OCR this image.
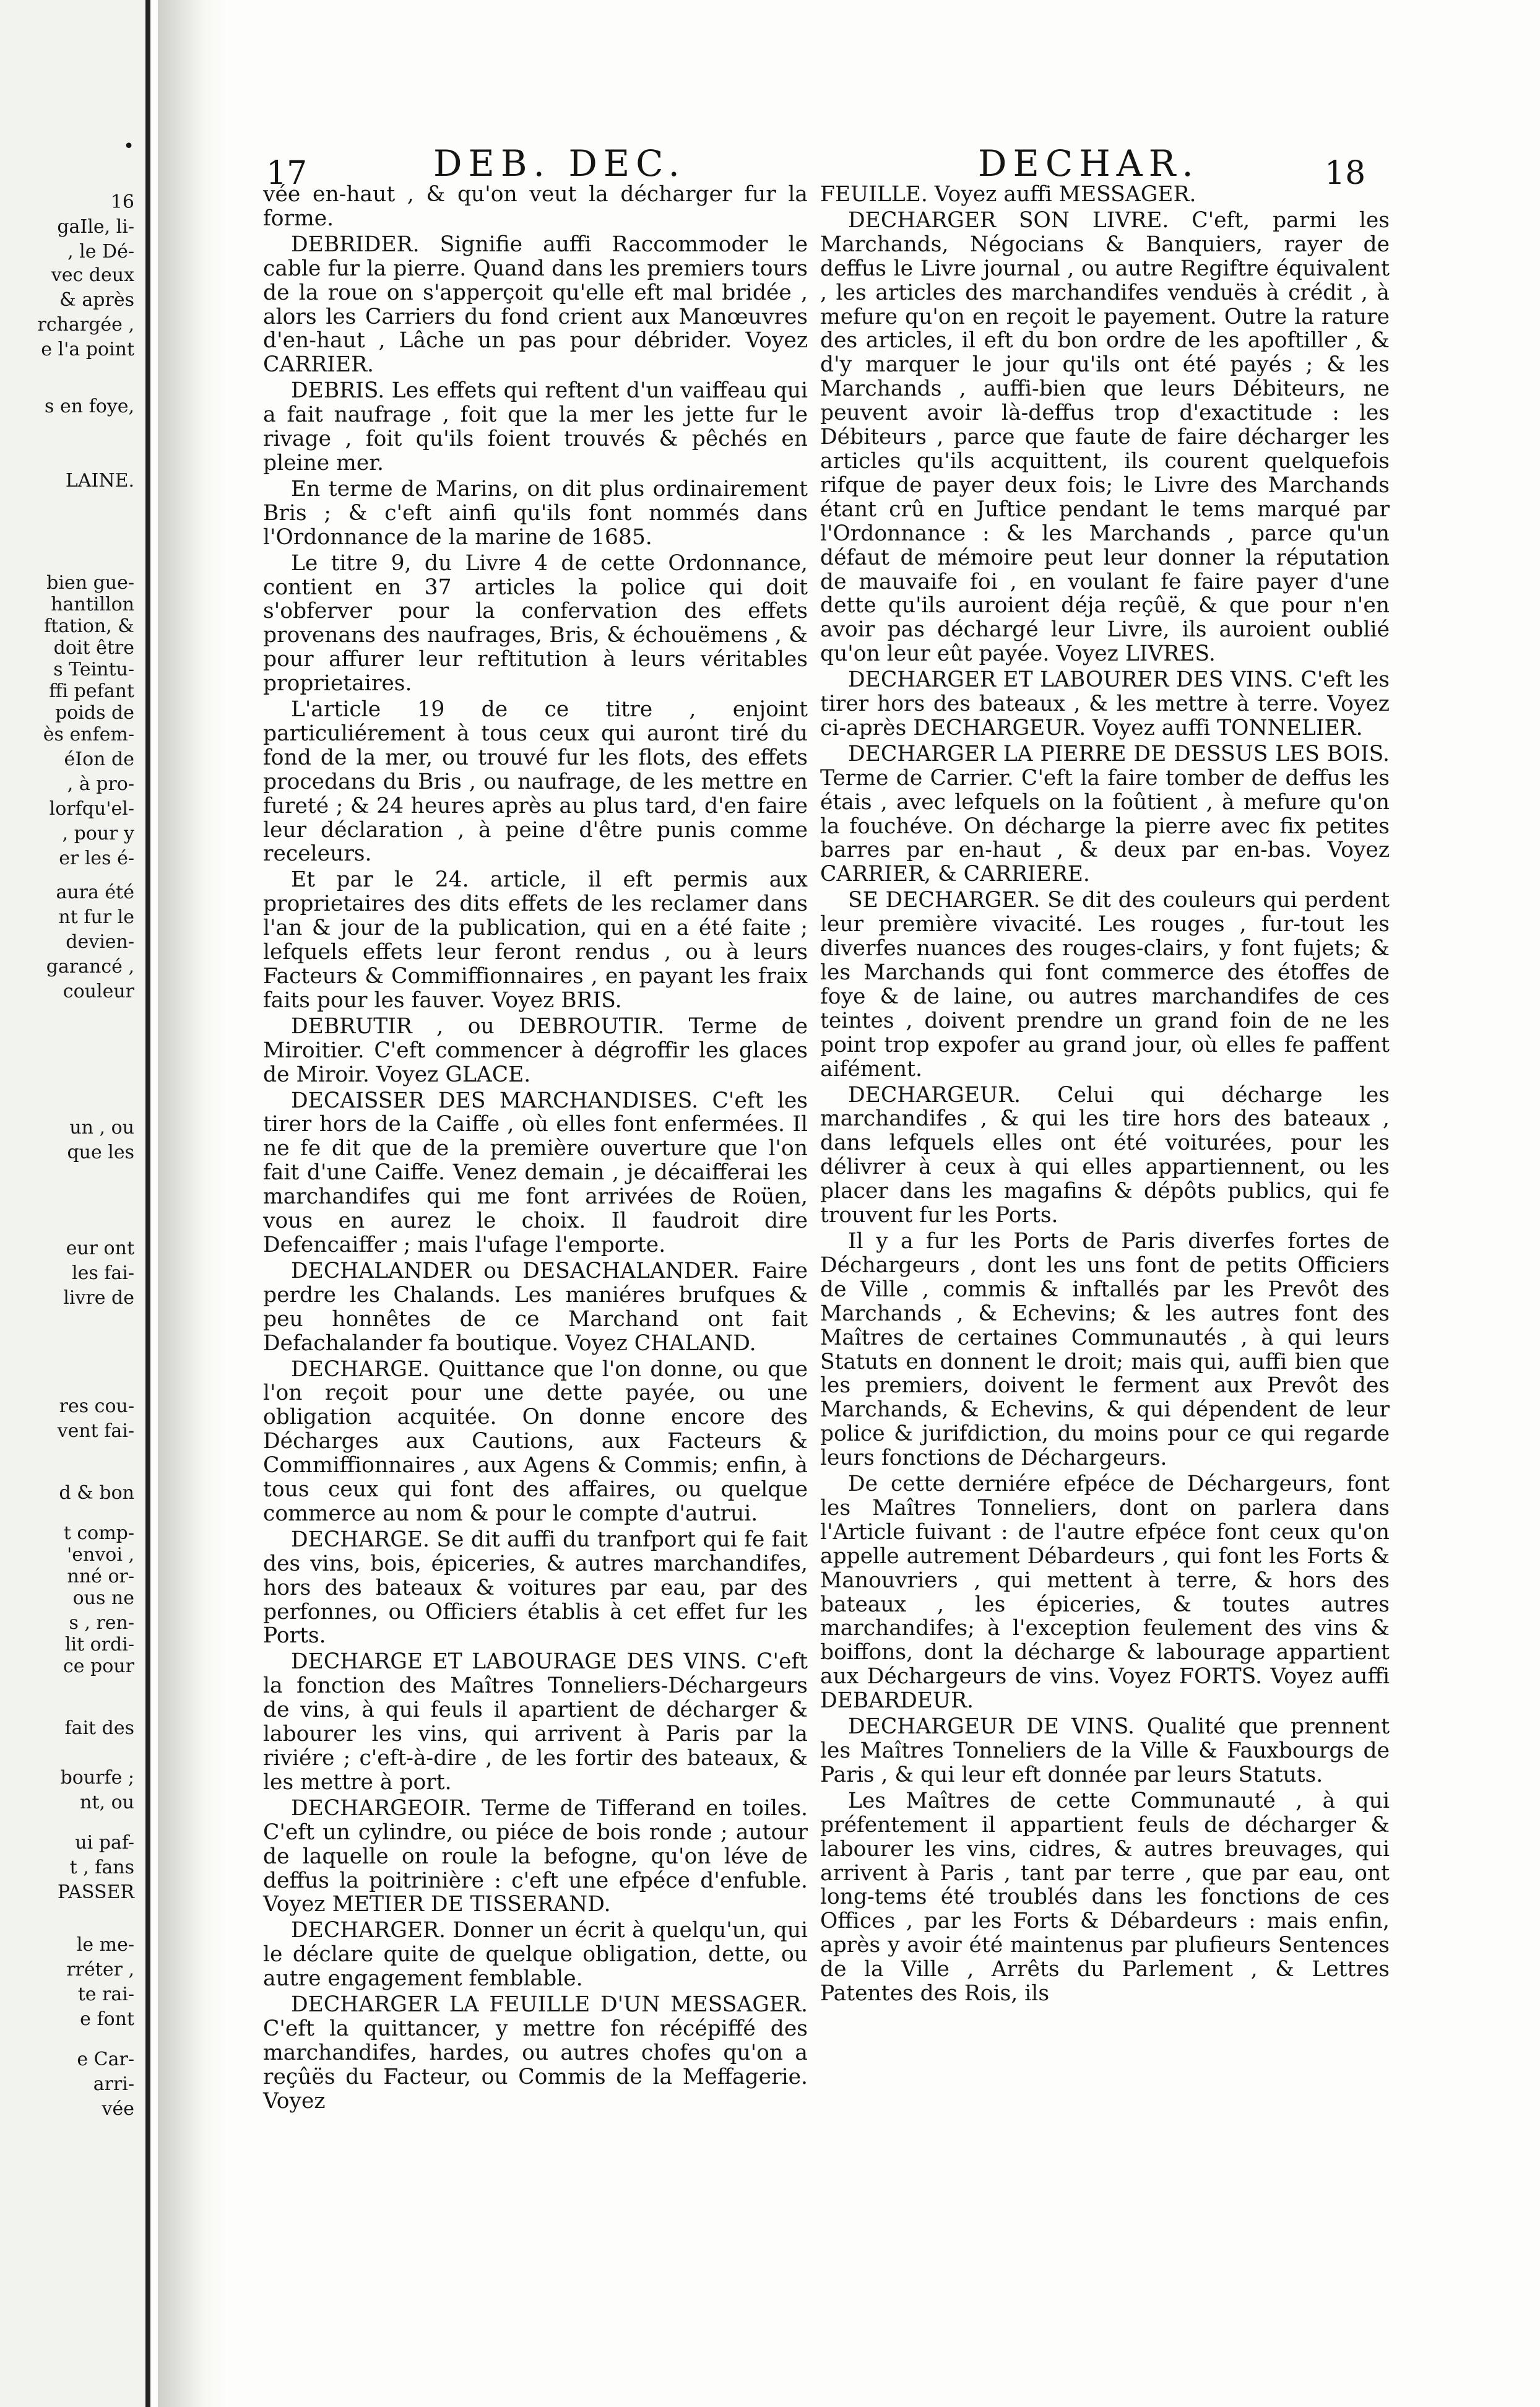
•
16
gaIle, li-
, le Dé-
vec deux
& après
rchargée ,
e l'a point
s en foye,
LAINE.
bien gue-
hantillon
ftation, &
doit être
s Teintu-
ffi pefant
poids de
ès enfem-
éIon de
, à pro-
lorfqu'el-
, pour y
er les é-
aura été
nt fur le
devien-
garancé ,
couleur
un , ou
que les
eur ont
les fai-
livre de
res cou-
vent fai-
d & bon
t comp-
'envoi ,
nné or-
ous ne
s , ren-
lit ordi-
ce pour
fait des
bourfe ;
nt, ou
ui paf-
t , fans
PASSER
le me-
rréter ,
te rai-
e font
e Car-
arri-
vée
17	DEB. DEC.	DECHAR.	18

vée en-haut , & qu'on veut la décharger fur la forme.

DEBRIDER. Signifie auffi Raccommoder le cable fur la pierre. Quand dans les premiers tours de la roue on s'apperçoit qu'elle eft mal bridée , alors les Carriers du fond crient aux Manœuvres d'en-haut , Lâche un pas pour débrider. Voyez CARRIER.

DEBRIS. Les effets qui reftent d'un vaiffeau qui a fait naufrage , foit que la mer les jette fur le rivage , foit qu'ils foient trouvés & pêchés en pleine mer.

En terme de Marins, on dit plus ordinairement Bris ; & c'eft ainfi qu'ils font nommés dans l'Ordonnance de la marine de 1685.

Le titre 9, du Livre 4 de cette Ordonnance, contient en 37 articles la police qui doit s'obferver pour la confervation des effets provenans des naufrages, Bris, & échouëmens , & pour affurer leur reftitution à leurs véritables proprietaires.

L'article 19 de ce titre , enjoint particuliérement à tous ceux qui auront tiré du fond de la mer, ou trouvé fur les flots, des effets procedans du Bris , ou naufrage, de les mettre en fureté ; & 24 heures après au plus tard, d'en faire leur déclaration , à peine d'être punis comme receleurs.

Et par le 24. article, il eft permis aux proprietaires des dits effets de les reclamer dans l'an & jour de la publication, qui en a été faite ; lefquels effets leur feront rendus , ou à leurs Facteurs & Commiffionnaires , en payant les fraix faits pour les fauver. Voyez BRIS.

DEBRUTIR , ou DEBROUTIR. Terme de Miroitier. C'eft commencer à dégroffir les glaces de Miroir. Voyez GLACE.

DECAISSER DES MARCHANDISES. C'eft les tirer hors de la Caiffe , où elles font enfermées. Il ne fe dit que de la première ouverture que l'on fait d'une Caiffe. Venez demain , je décaifferai les marchandifes qui me font arrivées de Roüen, vous en aurez le choix. Il faudroit dire Defencaiffer ; mais l'ufage l'emporte.

DECHALANDER ou DESACHALANDER. Faire perdre les Chalands. Les maniéres brufques & peu honnêtes de ce Marchand ont fait Defachalander fa boutique. Voyez CHALAND.

DECHARGE. Quittance que l'on donne, ou que l'on reçoit pour une dette payée, ou une obligation acquitée. On donne encore des Décharges aux Cautions, aux Facteurs & Commiffionnaires , aux Agens & Commis; enfin, à tous ceux qui font des affaires, ou quelque commerce au nom & pour le compte d'autrui.

DECHARGE. Se dit auffi du tranfport qui fe fait des vins, bois, épiceries, & autres marchandifes, hors des bateaux & voitures par eau, par des perfonnes, ou Officiers établis à cet effet fur les Ports.

DECHARGE ET LABOURAGE DES VINS. C'eft la fonction des Maîtres Tonneliers-Déchargeurs de vins, à qui feuls il apartient de décharger & labourer les vins, qui arrivent à Paris par la riviére ; c'eft-à-dire , de les fortir des bateaux, & les mettre à port.

DECHARGEOIR. Terme de Tifferand en toiles. C'eft un cylindre, ou piéce de bois ronde ; autour de laquelle on roule la befogne, qu'on léve de deffus la poitrinière : c'eft une efpéce d'enfuble. Voyez METIER DE TISSERAND.

DECHARGER. Donner un écrit à quelqu'un, qui le déclare quite de quelque obligation, dette, ou autre engagement femblable.

DECHARGER LA FEUILLE D'UN MESSAGER. C'eft la quittancer, y mettre fon récépiffé des marchandifes, hardes, ou autres chofes qu'on a reçûës du Facteur, ou Commis de la Meffagerie. Voyez

FEUILLE. Voyez auffi MESSAGER.

DECHARGER SON LIVRE. C'eft, parmi les Marchands, Négocians & Banquiers, rayer de deffus le Livre journal , ou autre Regiftre équivalent , les articles des marchandifes venduës à crédit , à mefure qu'on en reçoit le payement. Outre la rature des articles, il eft du bon ordre de les apoftiller , & d'y marquer le jour qu'ils ont été payés ; & les Marchands , auffi-bien que leurs Débiteurs, ne peuvent avoir là-deffus trop d'exactitude : les Débiteurs , parce que faute de faire décharger les articles qu'ils acquittent, ils courent quelquefois rifque de payer deux fois; le Livre des Marchands étant crû en Juftice pendant le tems marqué par l'Ordonnance : & les Marchands , parce qu'un défaut de mémoire peut leur donner la réputation de mauvaife foi , en voulant fe faire payer d'une dette qu'ils auroient déja reçûë, & que pour n'en avoir pas déchargé leur Livre, ils auroient oublié qu'on leur eût payée. Voyez LIVRES.

DECHARGER ET LABOURER DES VINS. C'eft les tirer hors des bateaux , & les mettre à terre. Voyez ci-après DECHARGEUR. Voyez auffi TONNELIER.

DECHARGER LA PIERRE DE DESSUS LES BOIS. Terme de Carrier. C'eft la faire tomber de deffus les étais , avec lefquels on la foûtient , à mefure qu'on la fouchéve. On décharge la pierre avec fix petites barres par en-haut , & deux par en-bas. Voyez CARRIER, & CARRIERE.

SE DECHARGER. Se dit des couleurs qui perdent leur première vivacité. Les rouges , fur-tout les diverfes nuances des rouges-clairs, y font fujets; & les Marchands qui font commerce des étoffes de foye & de laine, ou autres marchandifes de ces teintes , doivent prendre un grand foin de ne les point trop expofer au grand jour, où elles fe paffent aifément.

DECHARGEUR. Celui qui décharge les marchandifes , & qui les tire hors des bateaux , dans lefquels elles ont été voiturées, pour les délivrer à ceux à qui elles appartiennent, ou les placer dans les magafins & dépôts publics, qui fe trouvent fur les Ports.

Il y a fur les Ports de Paris diverfes fortes de Déchargeurs , dont les uns font de petits Officiers de Ville , commis & inftallés par les Prevôt des Marchands , & Echevins; & les autres font des Maîtres de certaines Communautés , à qui leurs Statuts en donnent le droit; mais qui, auffi bien que les premiers, doivent le ferment aux Prevôt des Marchands, & Echevins, & qui dépendent de leur police & jurifdiction, du moins pour ce qui regarde leurs fonctions de Déchargeurs.

De cette derniére efpéce de Déchargeurs, font les Maîtres Tonneliers, dont on parlera dans l'Article fuivant : de l'autre efpéce font ceux qu'on appelle autrement Débardeurs , qui font les Forts & Manouvriers , qui mettent à terre, & hors des bateaux , les épiceries, & toutes autres marchandifes; à l'exception feulement des vins & boiffons, dont la décharge & labourage appartient aux Déchargeurs de vins. Voyez FORTS. Voyez auffi DEBARDEUR.

DECHARGEUR DE VINS. Qualité que prennent les Maîtres Tonneliers de la Ville & Fauxbourgs de Paris , & qui leur eft donnée par leurs Statuts.

Les Maîtres de cette Communauté , à qui préfentement il appartient feuls de décharger & labourer les vins, cidres, & autres breuvages, qui arrivent à Paris , tant par terre , que par eau, ont long-tems été troublés dans les fonctions de ces Offices , par les Forts & Débardeurs : mais enfin, après y avoir été maintenus par plufieurs Sentences de la Ville , Arrêts du Parlement , & Lettres Patentes des Rois, ils
